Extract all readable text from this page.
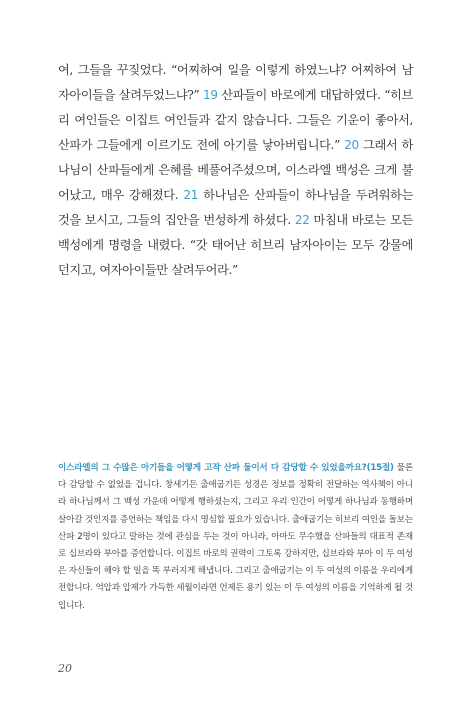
여, 그들을 꾸짖었다. “어찌하여 일을 이렇게 하였느냐? 어찌하여 남자아이들을 살려두었느냐?” 19 산파들이 바로에게 대답하였다. “히브리 여인들은 이집트 여인들과 같지 않습니다. 그들은 기운이 좋아서, 산파가 그들에게 이르기도 전에 아기를 낳아버립니다.” 20 그래서 하나님이 산파들에게 은혜를 베풀어주셨으며, 이스라엘 백성은 크게 불어났고, 매우 강해졌다. 21 하나님은 산파들이 하나님을 두려워하는 것을 보시고, 그들의 집안을 번성하게 하셨다. 22 마침내 바로는 모든 백성에게 명령을 내렸다. “갓 태어난 히브리 남자아이는 모두 강물에 던지고, 여자아이들만 살려두어라.”

이스라엘의 그 수많은 아기들을 어떻게 고작 산파 둘이서 다 감당할 수 있었을까요?(15절) 물론 다 감당할 수 없었을 겁니다. 창세기든 출애굽기든 성경은 정보를 정확히 전달하는 역사책이 아니라 하나님께서 그 백성 가운데 어떻게 행하셨는지, 그리고 우리 인간이 어떻게 하나님과 동행하며 살아갈 것인지를 증언하는 책임을 다시 명심할 필요가 있습니다. 출애굽기는 히브리 여인을 돌보는 산파 2명이 있다고 말하는 것에 관심을 두는 것이 아니라, 아마도 무수했을 산파들의 대표적 존재로 십브라와 부아를 증언합니다. 이집트 바로의 권력이 그토록 강하지만, 십브라와 부아 이 두 여성은 자신들이 해야 할 일을 똑 부러지게 해냅니다. 그리고 출애굽기는 이 두 여성의 이름을 우리에게 전합니다. 억압과 압제가 가득한 세월이라면 언제든 용기 있는 이 두 여성의 이름을 기억하게 될 것입니다.

20
